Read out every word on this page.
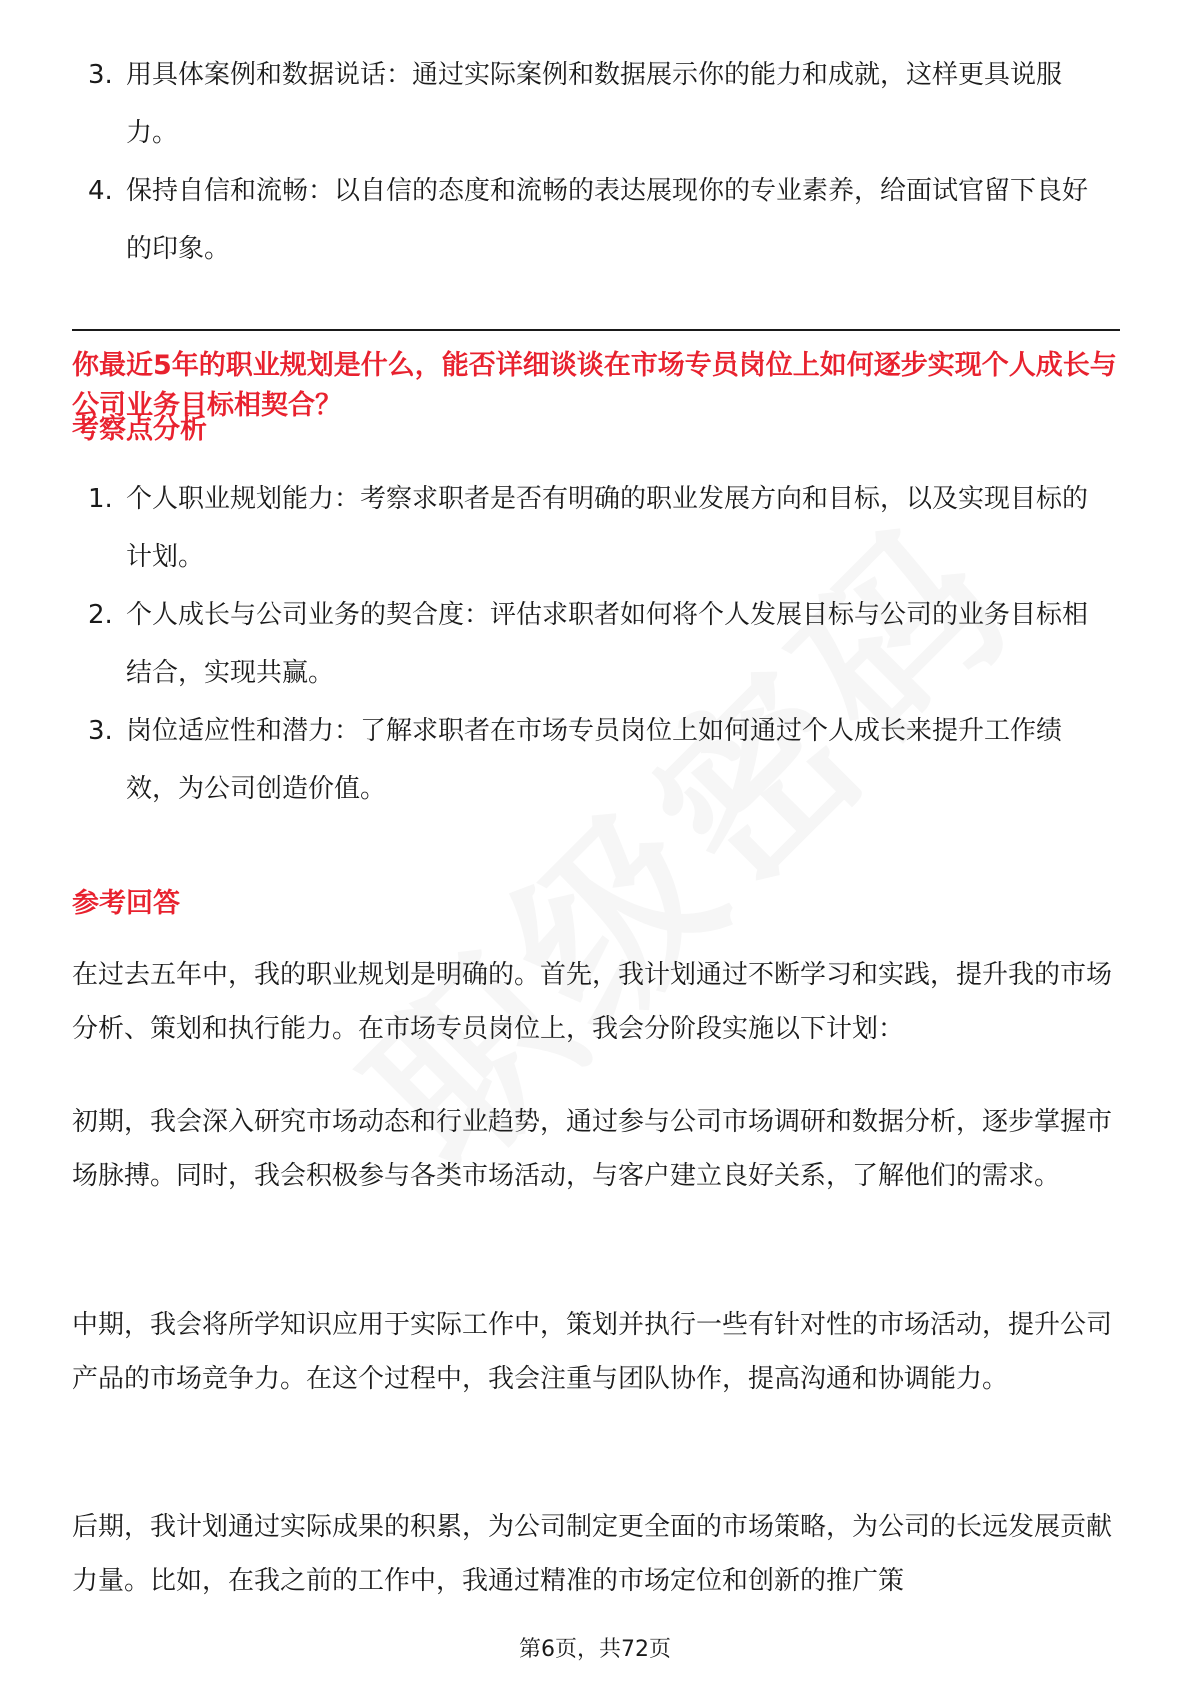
3. 用具体案例和数据说话：通过实际案例和数据展示你的能力和成就，这样更具说服力。
4. 保持自信和流畅：以自信的态度和流畅的表达展现你的专业素养，给面试官留下良好的印象。
你最近5年的职业规划是什么，能否详细谈谈在市场专员岗位上如何逐步实现个人成长与公司业务目标相契合？
考察点分析
1. 个人职业规划能力：考察求职者是否有明确的职业发展方向和目标，以及实现目标的计划。
2. 个人成长与公司业务的契合度：评估求职者如何将个人发展目标与公司的业务目标相结合，实现共赢。
3. 岗位适应性和潜力：了解求职者在市场专员岗位上如何通过个人成长来提升工作绩效，为公司创造价值。
参考回答

在过去五年中，我的职业规划是明确的。首先，我计划通过不断学习和实践，提升我的市场分析、策划和执行能力。在市场专员岗位上，我会分阶段实施以下计划：

初期，我会深入研究市场动态和行业趋势，通过参与公司市场调研和数据分析，逐步掌握市场脉搏。同时，我会积极参与各类市场活动，与客户建立良好关系，了解他们的需求。

中期，我会将所学知识应用于实际工作中，策划并执行一些有针对性的市场活动，提升公司产品的市场竞争力。在这个过程中，我会注重与团队协作，提高沟通和协调能力。

后期，我计划通过实际成果的积累，为公司制定更全面的市场策略，为公司的长远发展贡献力量。比如，在我之前的工作中，我通过精准的市场定位和创新的推广策

第6页，共72页
